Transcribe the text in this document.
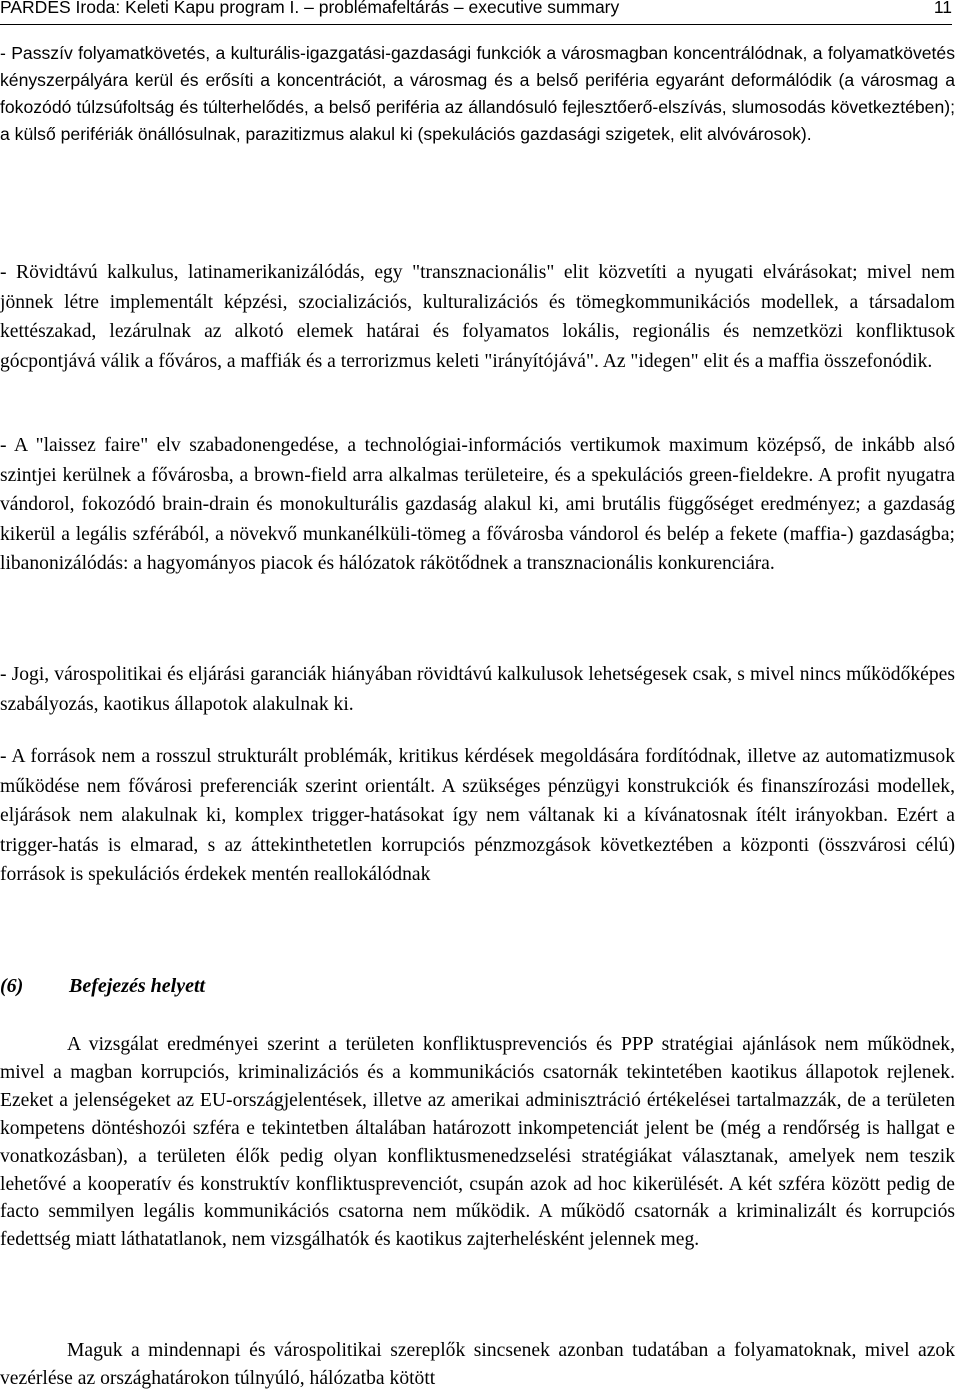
PARDES Iroda: Keleti Kapu program I. – problémafeltárás – executive summary	11

- Passzív folyamatkövetés, a kulturális-igazgatási-gazdasági funkciók a városmagban koncentrálódnak, a folyamatkövetés kényszerpályára kerül és erősíti a koncentrációt, a városmag és a belső periféria egyaránt deformálódik (a városmag a fokozódó túlzsúfoltság és túlterhelődés, a belső periféria az állandósuló fejlesztőerő-elszívás, slumosodás következtében); a külső perifériák önállósulnak, parazitizmus alakul ki (spekulációs gazdasági szigetek, elit alvóvárosok).

- Rövidtávú kalkulus, latinamerikanizálódás, egy "transznacionális" elit közvetíti a nyugati elvárásokat; mivel nem jönnek létre implementált képzési, szocializációs, kulturalizációs és tömegkommunikációs modellek, a társadalom kettészakad, lezárulnak az alkotó elemek határai és folyamatos lokális, regionális és nemzetközi konfliktusok gócpontjává válik a főváros, a maffiák és a terrorizmus keleti "irányítójává". Az "idegen" elit és a maffia összefonódik.

- A "laissez faire" elv szabadonengedése, a technológiai-információs vertikumok maximum középső, de inkább alsó szintjei kerülnek a fővárosba, a brown-field arra alkalmas területeire, és a spekulációs green-fieldekre. A profit nyugatra vándorol, fokozódó brain-drain és monokulturális gazdaság alakul ki, ami brutális függőséget eredményez; a gazdaság kikerül a legális szférából, a növekvő munkanélküli-tömeg a fővárosba vándorol és belép a fekete (maffia-) gazdaságba; libanonizálódás: a hagyományos piacok és hálózatok rákötődnek a transznacionális konkurenciára.

- Jogi, várospolitikai és eljárási garanciák hiányában rövidtávú kalkulusok lehetségesek csak, s mivel nincs működőképes szabályozás, kaotikus állapotok alakulnak ki.

- A források nem a rosszul strukturált problémák, kritikus kérdések megoldására fordítódnak, illetve az automatizmusok működése nem fővárosi preferenciák szerint orientált. A szükséges pénzügyi konstrukciók és finanszírozási modellek, eljárások nem alakulnak ki, komplex trigger-hatásokat így nem váltanak ki a kívánatosnak ítélt irányokban. Ezért a trigger-hatás is elmarad, s az áttekinthetetlen korrupciós pénzmozgások következtében a központi (összvárosi célú) források is spekulációs érdekek mentén reallokálódnak

(6) Befejezés helyett

A vizsgálat eredményei szerint a területen konfliktusprevenciós és PPP stratégiai ajánlások nem működnek, mivel a magban korrupciós, kriminalizációs és a kommunikációs csatornák tekintetében kaotikus állapotok rejlenek. Ezeket a jelenségeket az EU-országjelentések, illetve az amerikai adminisztráció értékelései tartalmazzák, de a területen kompetens döntéshozói szféra e tekintetben általában határozott inkompetenciát jelent be (még a rendőrség is hallgat e vonatkozásban), a területen élők pedig olyan konfliktusmenedzselési stratégiákat választanak, amelyek nem teszik lehetővé a kooperatív és konstruktív konfliktusprevenciót, csupán azok ad hoc kikerülését. A két szféra között pedig de facto semmilyen legális kommunikációs csatorna nem működik. A működő csatornák a kriminalizált és korrupciós fedettség miatt láthatatlanok, nem vizsgálhatók és kaotikus zajterhelésként jelennek meg.

Maguk a mindennapi és várospolitikai szereplők sincsenek azonban tudatában a folyamatoknak, mivel azok vezérlése az országhatárokon túlnyúló, hálózatba kötött
